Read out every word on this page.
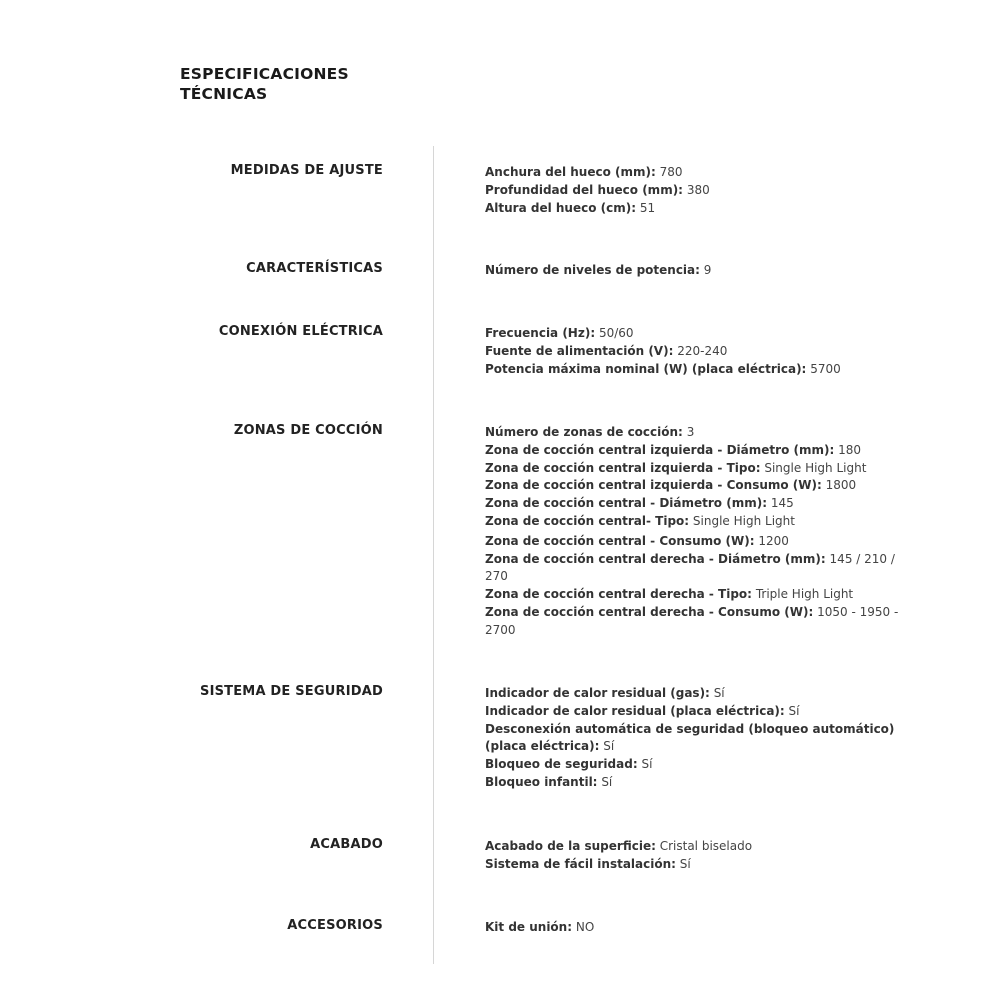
ESPECIFICACIONES
TÉCNICAS
MEDIDAS DE AJUSTE	Anchura del hueco (mm): 780
Profundidad del hueco (mm): 380
Altura del hueco (cm): 51
CARACTERÍSTICAS	Número de niveles de potencia: 9
CONEXIÓN ELÉCTRICA	Frecuencia (Hz): 50/60
Fuente de alimentación (V): 220-240
Potencia máxima nominal (W) (placa eléctrica): 5700
ZONAS DE COCCIÓN	Número de zonas de cocción: 3
Zona de cocción central izquierda - Diámetro (mm): 180
Zona de cocción central izquierda - Tipo: Single High Light
Zona de cocción central izquierda - Consumo (W): 1800
Zona de cocción central - Diámetro (mm): 145
Zona de cocción central- Tipo: Single High Light
Zona de cocción central - Consumo (W): 1200
Zona de cocción central derecha - Diámetro (mm): 145 / 210 / 270
Zona de cocción central derecha - Tipo: Triple High Light
Zona de cocción central derecha - Consumo (W): 1050 - 1950 - 2700
SISTEMA DE SEGURIDAD	Indicador de calor residual (gas): Sí
Indicador de calor residual (placa eléctrica): Sí
Desconexión automática de seguridad (bloqueo automático) (placa eléctrica): Sí
Bloqueo de seguridad: Sí
Bloqueo infantil: Sí
ACABADO	Acabado de la superficie: Cristal biselado
Sistema de fácil instalación: Sí
ACCESORIOS	Kit de unión: NO
